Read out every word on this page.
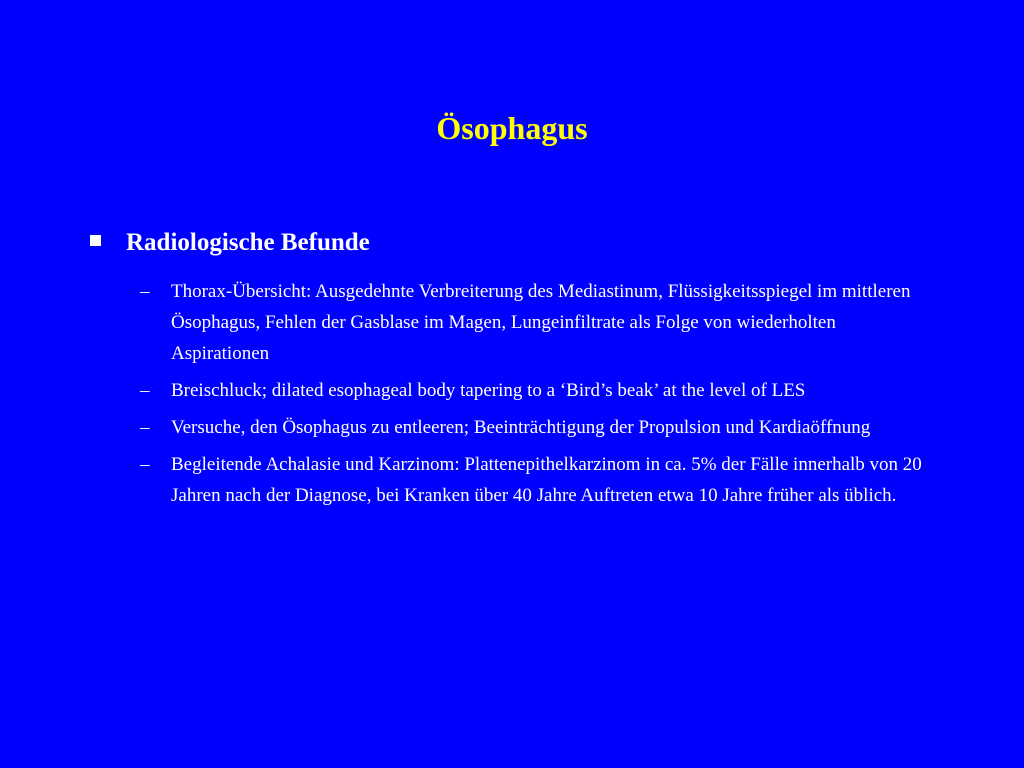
Ösophagus
Radiologische Befunde
–	Thorax-Übersicht: Ausgedehnte Verbreiterung des Mediastinum, Flüssigkeitsspiegel im mittleren Ösophagus, Fehlen der Gasblase im Magen, Lungeinfiltrate als Folge von wiederholten Aspirationen
–	Breischluck; dilated esophageal body tapering to a ‘Bird’s beak’ at the level of LES
–	Versuche, den Ösophagus zu entleeren; Beeinträchtigung der Propulsion und Kardiaöffnung
–	Begleitende Achalasie und Karzinom: Plattenepithelkarzinom in ca. 5% der Fälle innerhalb von 20 Jahren nach der Diagnose, bei Kranken über 40 Jahre Auftreten etwa 10 Jahre früher als üblich.
